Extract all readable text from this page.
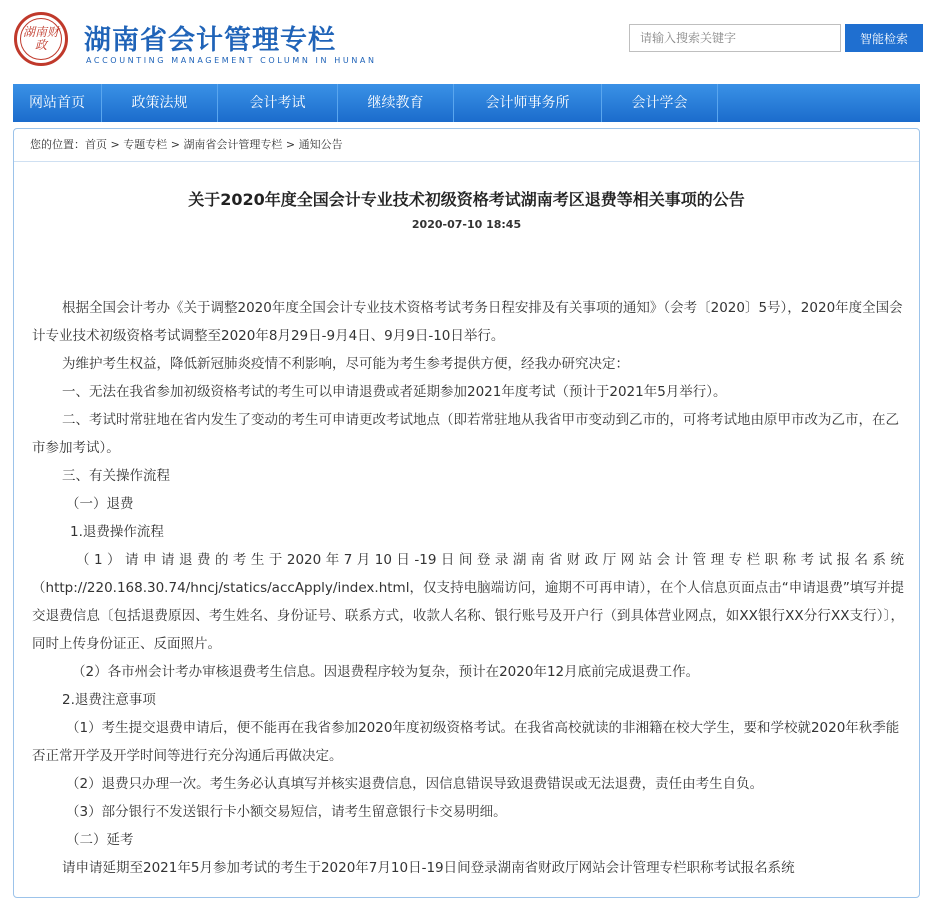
湖南财政	湖南省会计管理专栏
ACCOUNTING MANAGEMENT COLUMN IN HUNAN
请输入搜索关键字
智能检索
网站首页	政策法规	会计考试	继续教育	会计师事务所	会计学会
您的位置：首页 > 专题专栏 > 湖南省会计管理专栏 > 通知公告
关于2020年度全国会计专业技术初级资格考试湖南考区退费等相关事项的公告
2020-07-10 18:45

根据全国会计考办《关于调整2020年度全国会计专业技术资格考试考务日程安排及有关事项的通知》（会考〔2020〕5号），2020年度全国会计专业技术初级资格考试调整至2020年8月29日-9月4日、9月9日-10日举行。

为维护考生权益，降低新冠肺炎疫情不利影响，尽可能为考生参考提供方便，经我办研究决定：

一、无法在我省参加初级资格考试的考生可以申请退费或者延期参加2021年度考试（预计于2021年5月举行）。

二、考试时常驻地在省内发生了变动的考生可申请更改考试地点（即若常驻地从我省甲市变动到乙市的，可将考试地由原甲市改为乙市，在乙市参加考试）。

三、有关操作流程

（一）退费

1.退费操作流程

（1）请申请退费的考生于2020年7月10日-19日间登录湖南省财政厅网站会计管理专栏职称考试报名系统（http://220.168.30.74/hncj/statics/accApply/index.html，仅支持电脑端访问，逾期不可再申请），在个人信息页面点击“申请退费”填写并提交退费信息〔包括退费原因、考生姓名、身份证号、联系方式，收款人名称、银行账号及开户行（到具体营业网点，如XX银行XX分行XX支行）〕，同时上传身份证正、反面照片。

（2）各市州会计考办审核退费考生信息。因退费程序较为复杂，预计在2020年12月底前完成退费工作。

2.退费注意事项

（1）考生提交退费申请后，便不能再在我省参加2020年度初级资格考试。在我省高校就读的非湘籍在校大学生，要和学校就2020年秋季能否正常开学及开学时间等进行充分沟通后再做决定。

（2）退费只办理一次。考生务必认真填写并核实退费信息，因信息错误导致退费错误或无法退费，责任由考生自负。

（3）部分银行不发送银行卡小额交易短信，请考生留意银行卡交易明细。

（二）延考

请申请延期至2021年5月参加考试的考生于2020年7月10日-19日间登录湖南省财政厅网站会计管理专栏职称考试报名系统
